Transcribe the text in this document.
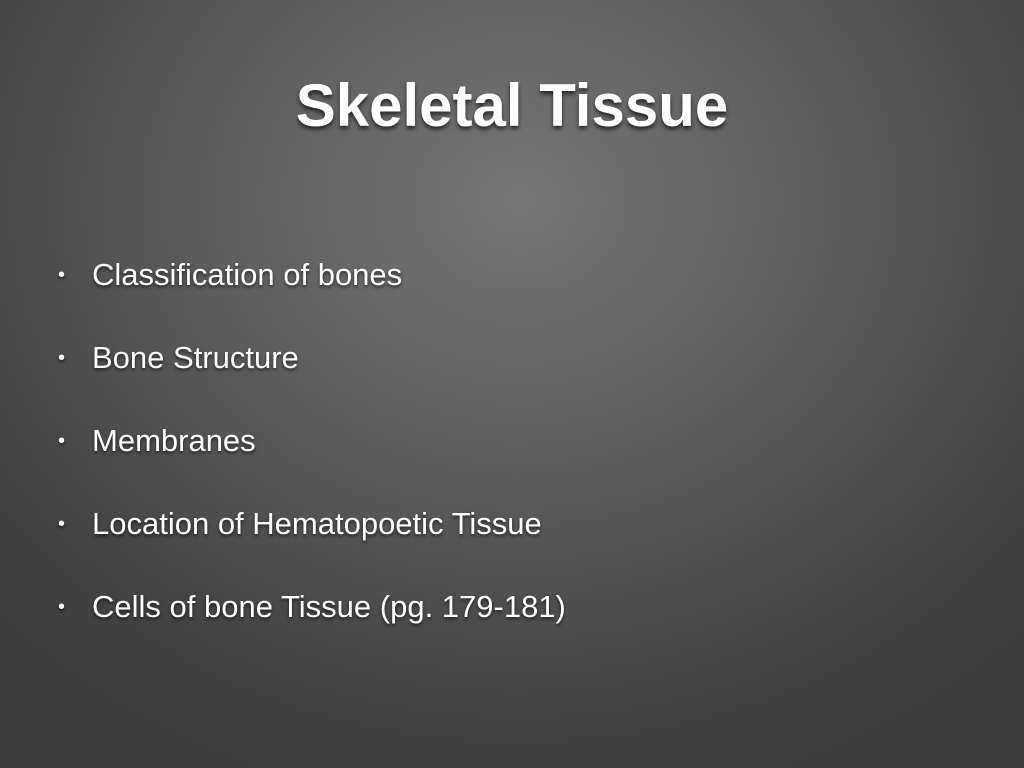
Skeletal Tissue
• Classification of bones
• Bone Structure
• Membranes
• Location of Hematopoetic Tissue
• Cells of bone Tissue (pg. 179-181)
